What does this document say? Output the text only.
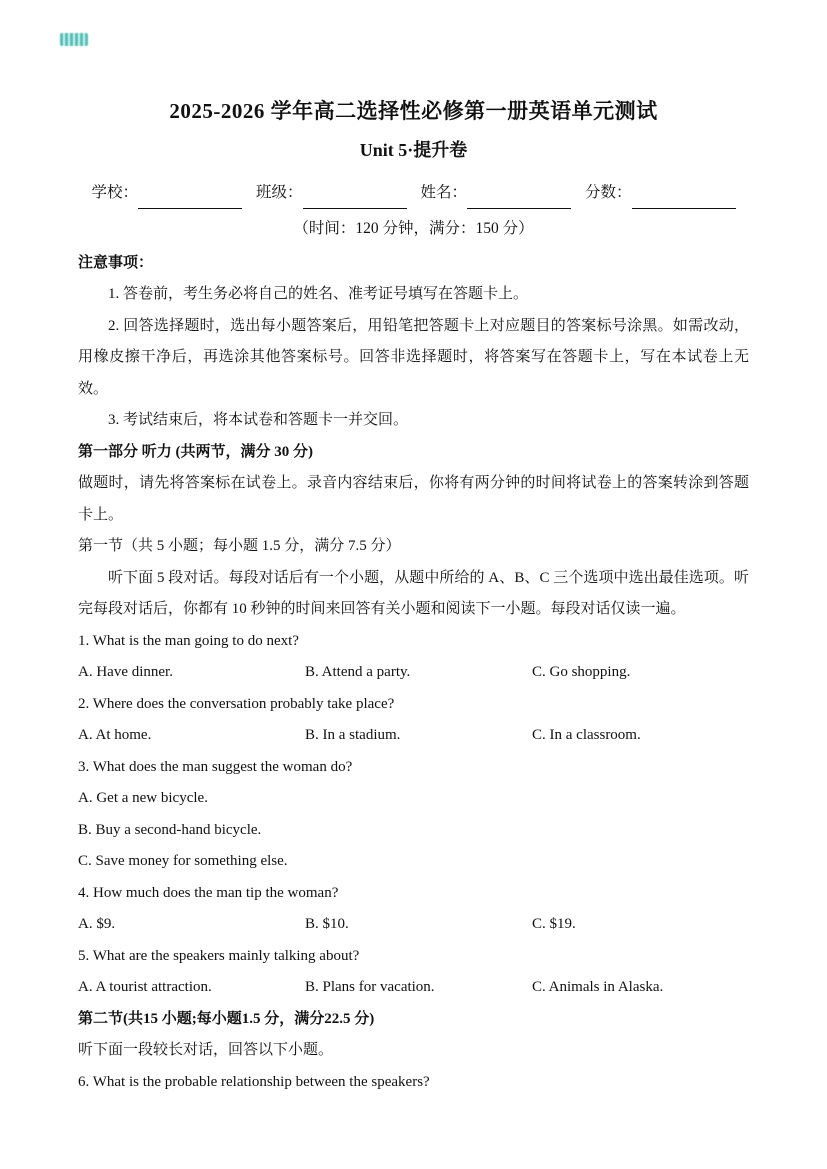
2025-2026 学年高二选择性必修第一册英语单元测试
Unit 5·提升卷
学校：	班级：	姓名：	分数：
（时间：120 分钟，满分：150 分）

注意事项：

1. 答卷前，考生务必将自己的姓名、准考证号填写在答题卡上。

2. 回答选择题时，选出每小题答案后，用铅笔把答题卡上对应题目的答案标号涂黑。如需改动，用橡皮擦干净后，再选涂其他答案标号。回答非选择题时，将答案写在答题卡上，写在本试卷上无效。

3. 考试结束后，将本试卷和答题卡一并交回。

第一部分 听力 (共两节，满分 30 分)

做题时，请先将答案标在试卷上。录音内容结束后，你将有两分钟的时间将试卷上的答案转涂到答题卡上。

第一节（共 5 小题；每小题 1.5 分，满分 7.5 分）

听下面 5 段对话。每段对话后有一个小题，从题中所给的 A、B、C 三个选项中选出最佳选项。听完每段对话后，你都有 10 秒钟的时间来回答有关小题和阅读下一小题。每段对话仅读一遍。

1. What is the man going to do next?

A. Have dinner.	B. Attend a party.	C. Go shopping.

2. Where does the conversation probably take place?

A. At home.	B. In a stadium.	C. In a classroom.

3. What does the man suggest the woman do?

A. Get a new bicycle.

B. Buy a second-hand bicycle.

C. Save money for something else.

4. How much does the man tip the woman?

A. $9.	B. $10.	C. $19.

5. What are the speakers mainly talking about?

A. A tourist attraction.	B. Plans for vacation.	C. Animals in Alaska.

第二节(共15 小题;每小题1.5 分，满分22.5 分)

听下面一段较长对话，回答以下小题。

6. What is the probable relationship between the speakers?
